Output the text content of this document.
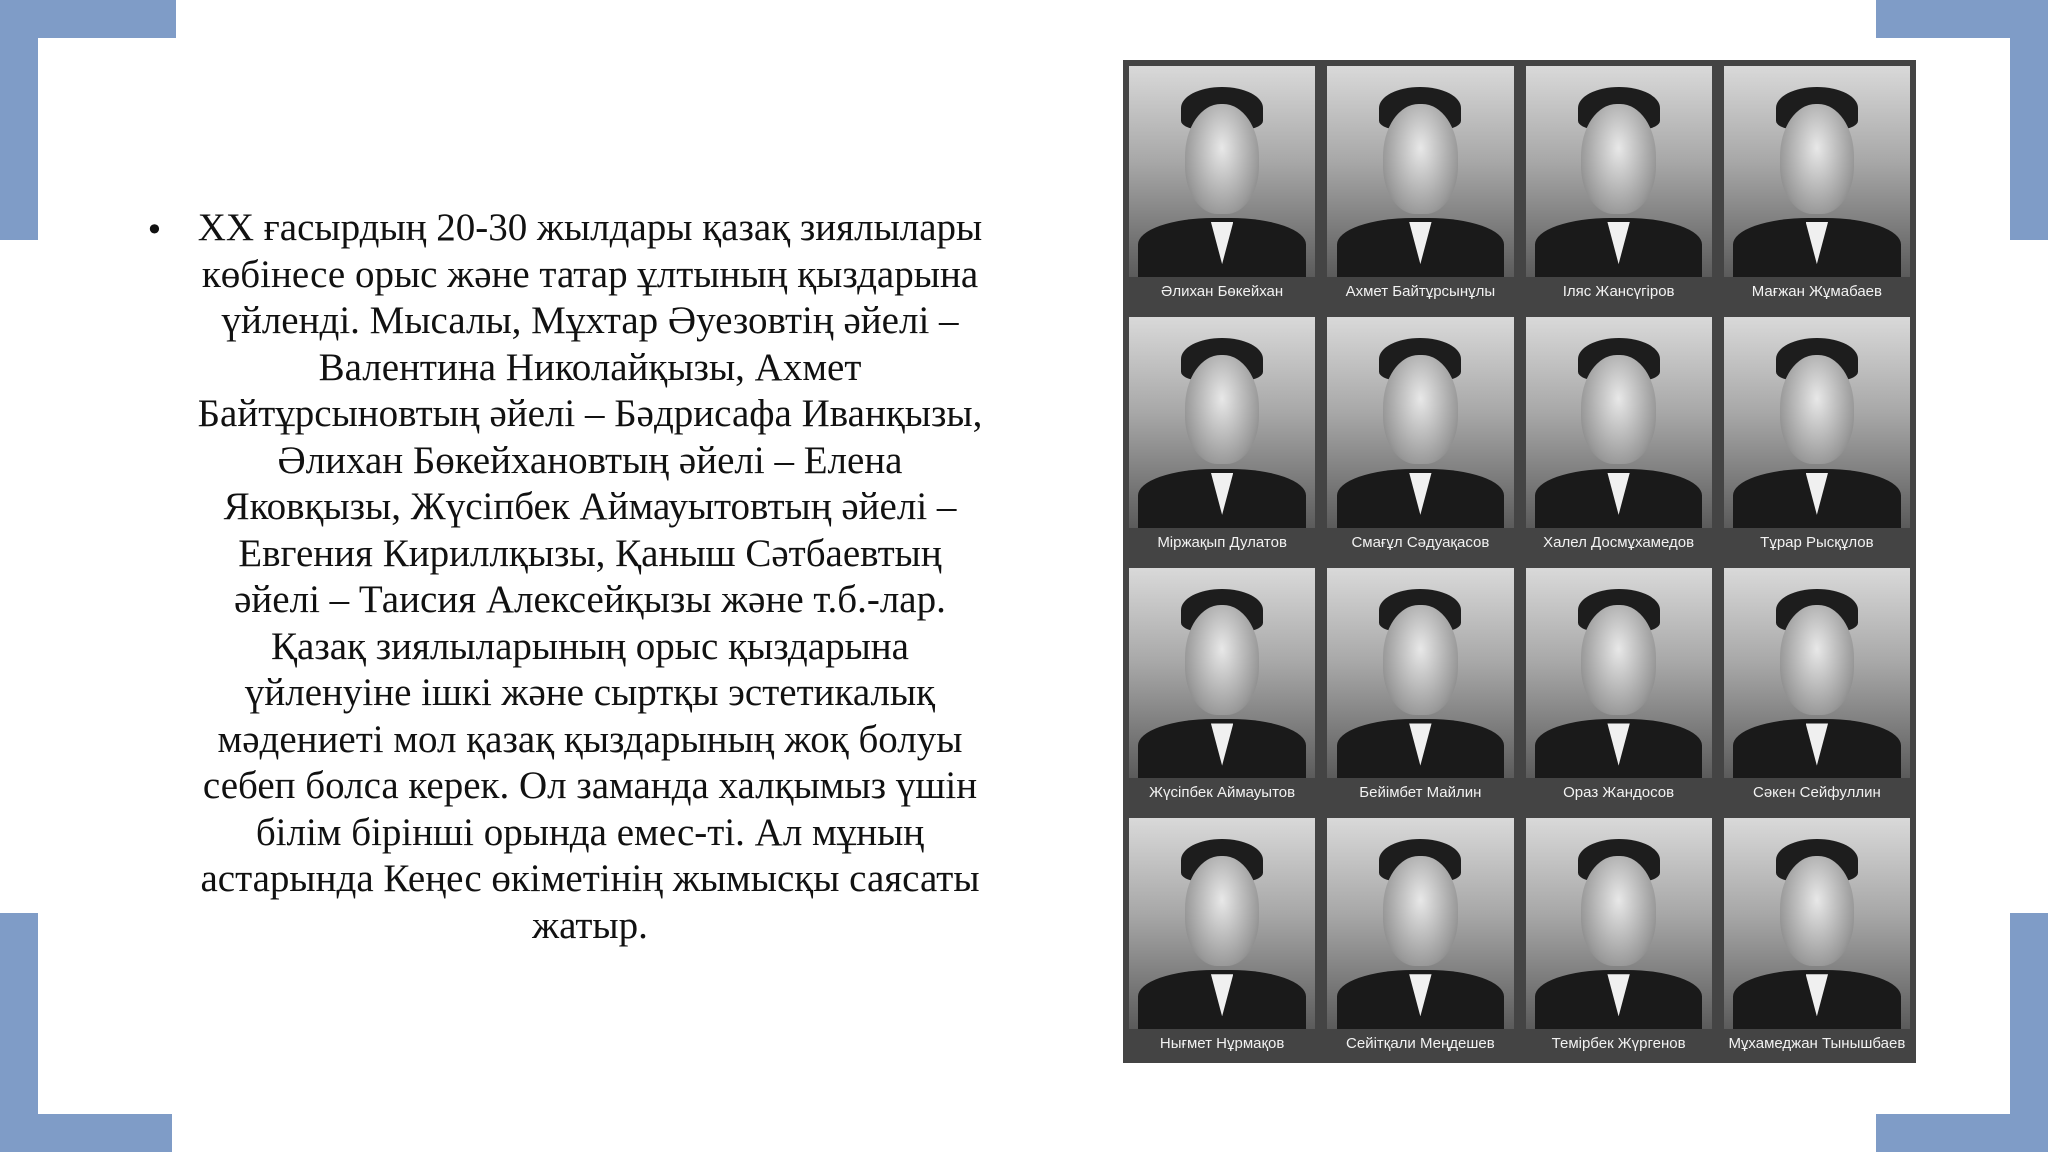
• XX ғасырдың 20-30 жылдары қазақ зиялылары
көбінесе орыс және татар ұлтының қыздарына
үйленді. Мысалы, Мұхтар Әуезовтің әйелі –
Валентина Николайқызы, Ахмет
Байтұрсыновтың әйелі – Бәдрисафа Иванқызы,
Әлихан Бөкейхановтың әйелі – Елена
Яковқызы, Жүсіпбек Аймауытовтың әйелі –
Евгения Кириллқызы, Қаныш Сәтбаевтың
әйелі – Таисия Алексейқызы және т.б.-лар.
Қазақ зиялыларының орыс қыздарына
үйленуіне ішкі және сыртқы эстетикалық
мәдениеті мол қазақ қыздарының жоқ болуы
себеп болса керек. Ол заманда халқымыз үшін
білім бірінші орында емес-ті. Ал мұның
астарында Кеңес өкіметінің жымысқы саясаты
жатыр.
Әлихан Бөкейхан	Ахмет Байтұрсынұлы	Іляс Жансүгіров	Мағжан Жұмабаев
Міржақып Дулатов	Смағұл Сәдуақасов	Халел Досмұхамедов	Тұрар Рысқұлов
Жүсіпбек Аймауытов	Бейімбет Майлин	Ораз Жандосов	Сәкен Сейфуллин
Нығмет Нұрмақов	Сейітқали Меңдешев	Темірбек Жүргенов	Мұхамеджан Тынышбаев
